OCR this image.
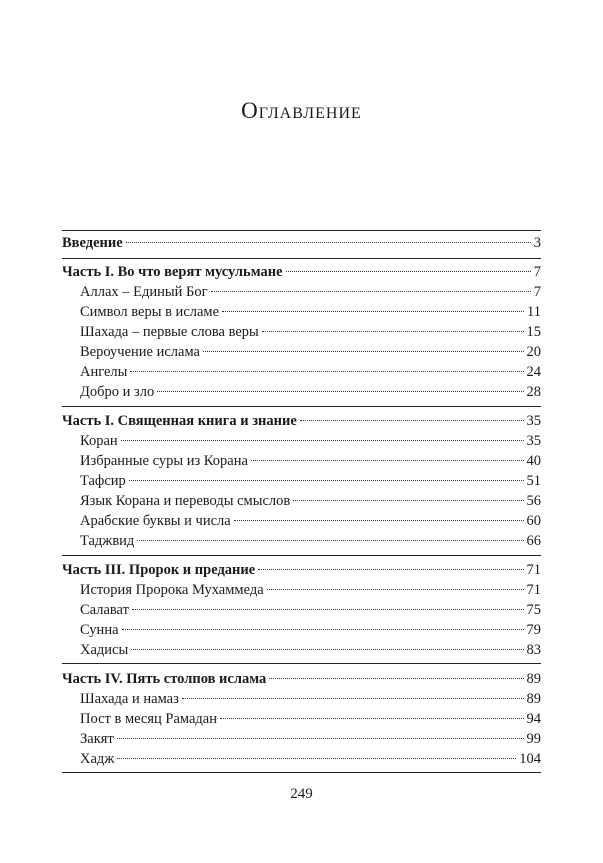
Оглавление
Введение	3
Часть I. Во что верят мусульмане	7
Аллах – Единый Бог	7
Символ веры в исламе	11
Шахада – первые слова веры	15
Вероучение ислама	20
Ангелы	24
Добро и зло	28
Часть I. Священная книга и знание	35
Коран	35
Избранные суры из Корана	40
Тафсир	51
Язык Корана и переводы смыслов	56
Арабские буквы и числа	60
Таджвид	66
Часть III. Пророк и предание	71
История Пророка Мухаммеда	71
Салават	75
Сунна	79
Хадисы	83
Часть IV. Пять столпов ислама	89
Шахада и намаз	89
Пост в месяц Рамадан	94
Закят	99
Хадж	104
249
